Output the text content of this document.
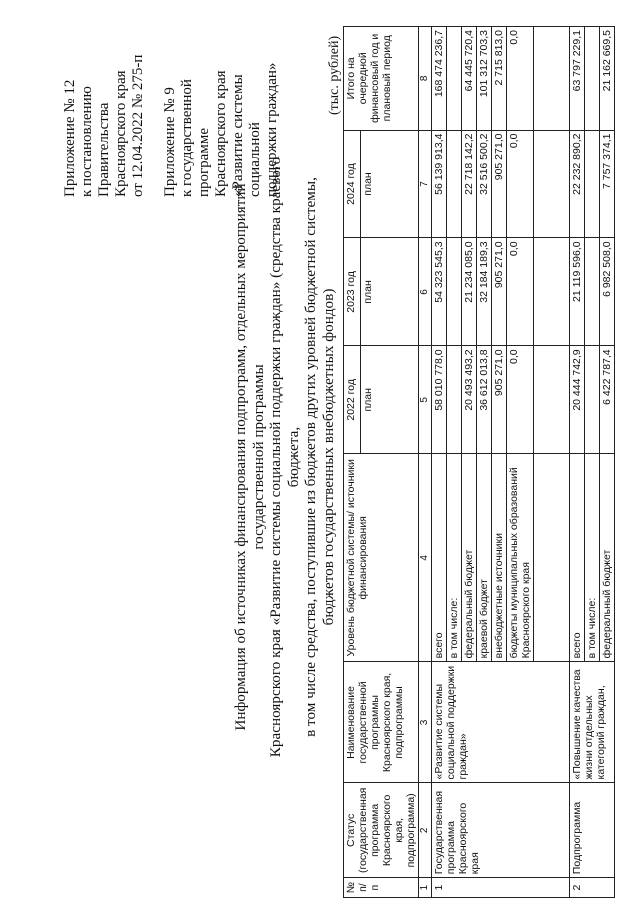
Приложение № 12 к постановлению Правительства Красноярского края от 12.04.2022 № 275-п Приложение № 9 к государственной программе Красноярского края «Развитие системы социальной поддержки граждан»
Информация об источниках финансирования подпрограмм, отдельных мероприятий государственной программы Красноярского края «Развитие системы социальной поддержки граждан» (средства краевого бюджета, в том числе средства, поступившие из бюджетов других уровней бюджетной системы, бюджетов государственных внебюджетных фондов)
(тыс. рублей)
№ п/п	Статус (государственная программа Красноярского края, подпрограмма)	Наименование государственной программы Красноярского края, подпрограммы	Уровень бюджетной системы/ источники финансирования	2022 год	2023 год	2024 год	Итого на очередной финансовый год и плановый период
				план	план	план	
1	2	3	4	5	6	7	8
1	Государственная программа Красноярского края	«Развитие системы социальной поддержки граждан»	всего	58 010 778,0	54 323 545,3	56 139 913,4	168 474 236,7
			в том числе:				
			федеральный бюджет	20 493 493,2	21 234 085,0	22 718 142,2	64 445 720,4
			краевой бюджет	36 612 013,8	32 184 189,3	32 516 500,2	101 312 703,3
			внебюджетные источники	905 271,0	905 271,0	905 271,0	2 715 813,0
			бюджеты муниципальных образований Красноярского края	0,0	0,0	0,0	0,0

2	Подпрограмма	«Повышение качества жизни отдельных категорий граждан,	всего	20 444 742,9	21 119 596,0	22 232 890,2	63 797 229,1
			в том числе:				
			федеральный бюджет	6 422 787,4	6 982 508,0	7 757 374,1	21 162 669,5
